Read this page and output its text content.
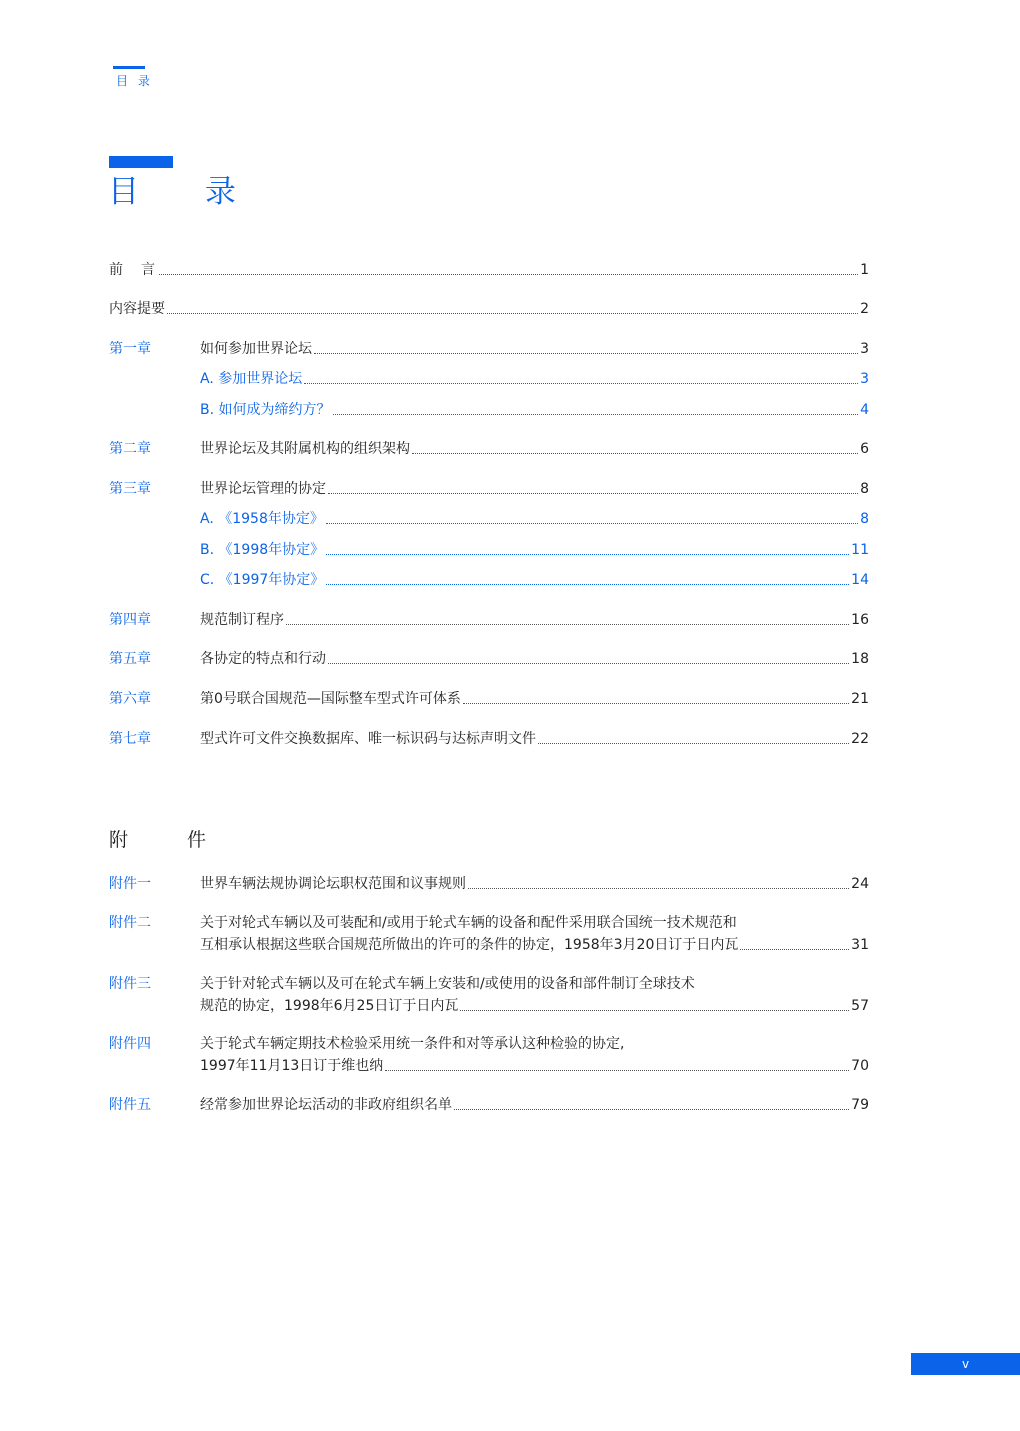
目 录
目 录
前　言	1
内容提要	2
第一章	如何参加世界论坛	3
A. 参加世界论坛	3
B. 如何成为缔约方？	4
第二章	世界论坛及其附属机构的组织架构	6
第三章	世界论坛管理的协定	8
A. 《1958年协定》	8
B. 《1998年协定》	11
C. 《1997年协定》	14
第四章	规范制订程序	16
第五章	各协定的特点和行动	18
第六章	第0号联合国规范—国际整车型式许可体系	21
第七章	型式许可文件交换数据库、唯一标识码与达标声明文件	22
附　件
附件一	世界车辆法规协调论坛职权范围和议事规则	24
附件二	关于对轮式车辆以及可装配和/或用于轮式车辆的设备和配件采用联合国统一技术规范和
互相承认根据这些联合国规范所做出的许可的条件的协定，1958年3月20日订于日内瓦	31
附件三	关于针对轮式车辆以及可在轮式车辆上安装和/或使用的设备和部件制订全球技术
规范的协定，1998年6月25日订于日内瓦	57
附件四	关于轮式车辆定期技术检验采用统一条件和对等承认这种检验的协定,
1997年11月13日订于维也纳	70
附件五	经常参加世界论坛活动的非政府组织名单	79
v
